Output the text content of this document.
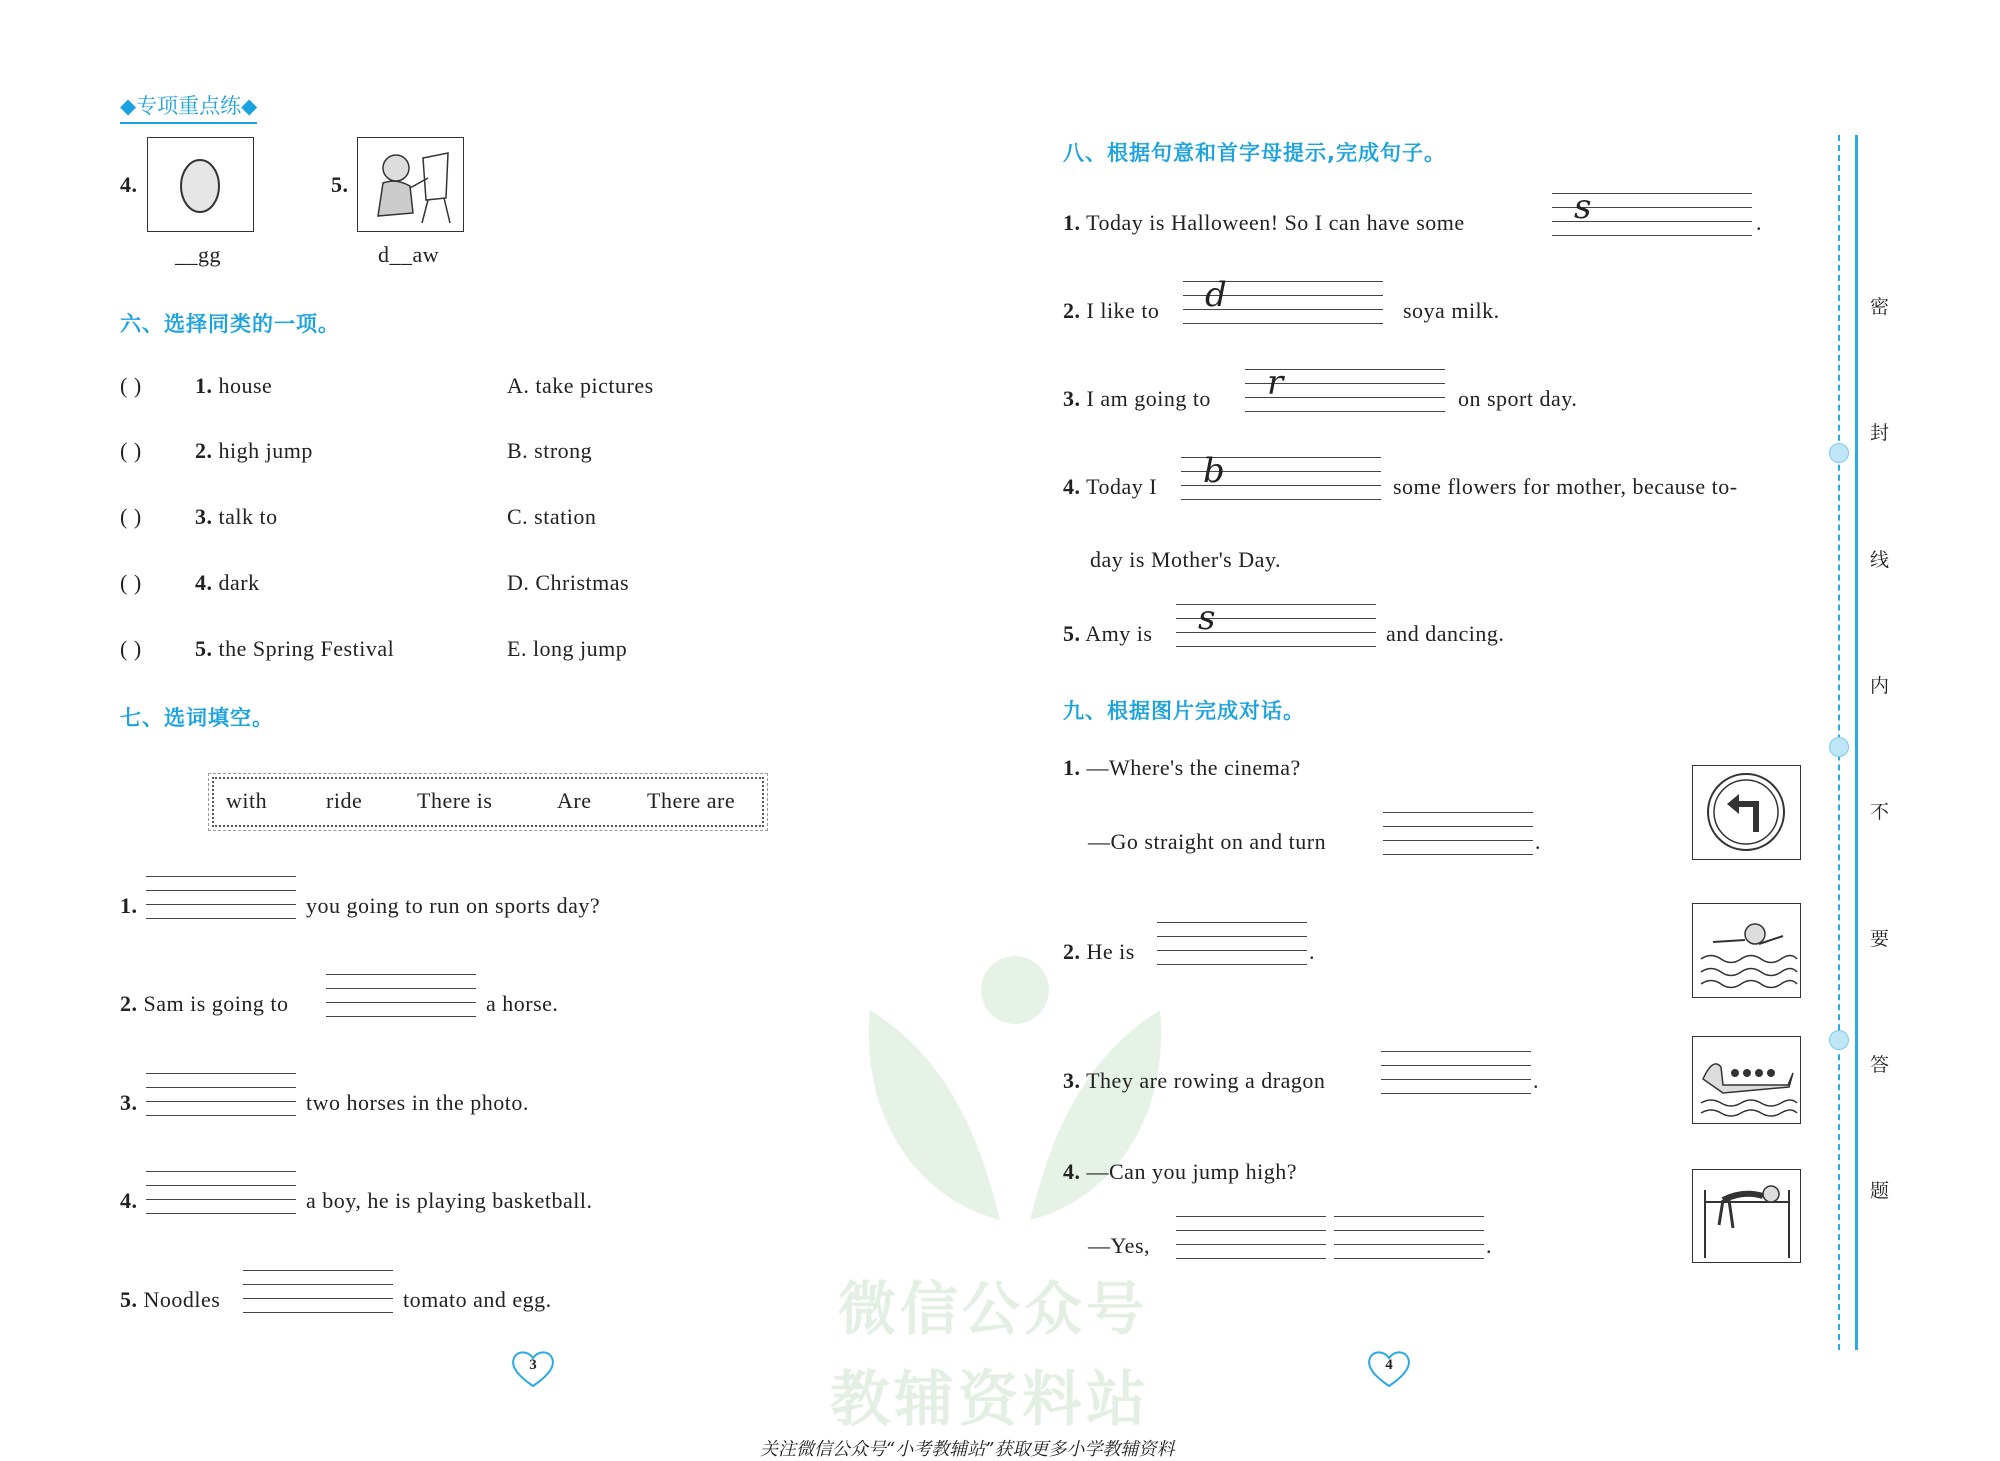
微信公众号
教辅资料站
◆专项重点练◆
4.
__gg
5.
d__aw
六、选择同类的一项。
( ) 1. house	A. take pictures
( ) 2. high jump	B. strong
( ) 3. talk to	C. station
( ) 4. dark	D. Christmas
( ) 5. the Spring Festival	E. long jump
七、选词填空。
with	ride There is	Are	There are
1.	you going to run on sports day?
2. Sam is going to	a horse.
3.	two horses in the photo.
4.	a boy, he is playing basketball.
5. Noodles	tomato and egg.
3
八、根据句意和首字母提示,完成句子。
1. Today is Halloween! So I can have some	s	.
2. I like to d	soya milk.
3. I am going to r	on sport day.
4. Today I b	some flowers for mother, because to-
day is Mother's Day.
5. Amy is s	and dancing.
九、根据图片完成对话。
1. —Where's the cinema?
—Go straight on and turn	.
2. He is	.
3. They are rowing a dragon	.
4. —Can you jump high?
—Yes,	.
4
密
封
线
内
不
要
答
题
关注微信公众号“小考教辅站”获取更多小学教辅资料
